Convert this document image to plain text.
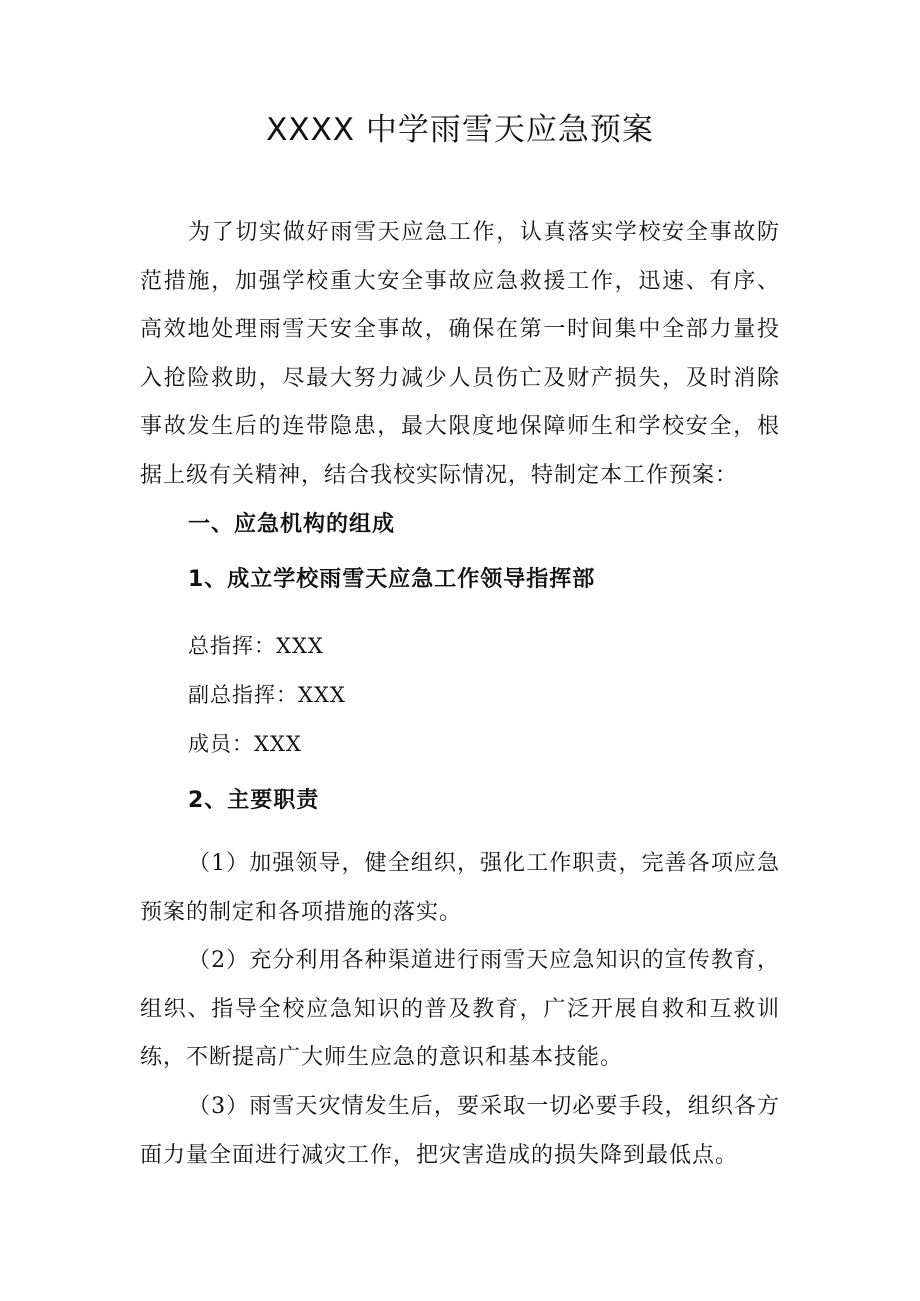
XXXX 中学雨雪天应急预案

为了切实做好雨雪天应急工作，认真落实学校安全事故防范措施，加强学校重大安全事故应急救援工作，迅速、有序、高效地处理雨雪天安全事故，确保在第一时间集中全部力量投入抢险救助，尽最大努力减少人员伤亡及财产损失，及时消除事故发生后的连带隐患，最大限度地保障师生和学校安全，根据上级有关精神，结合我校实际情况，特制定本工作预案：

一、应急机构的组成

1、成立学校雨雪天应急工作领导指挥部

总指挥：XXX

副总指挥：XXX

成员：XXX

2、主要职责

（1）加强领导，健全组织，强化工作职责，完善各项应急预案的制定和各项措施的落实。

（2）充分利用各种渠道进行雨雪天应急知识的宣传教育，组织、指导全校应急知识的普及教育，广泛开展自救和互救训练，不断提高广大师生应急的意识和基本技能。

（3）雨雪天灾情发生后，要采取一切必要手段，组织各方面力量全面进行减灾工作，把灾害造成的损失降到最低点。
